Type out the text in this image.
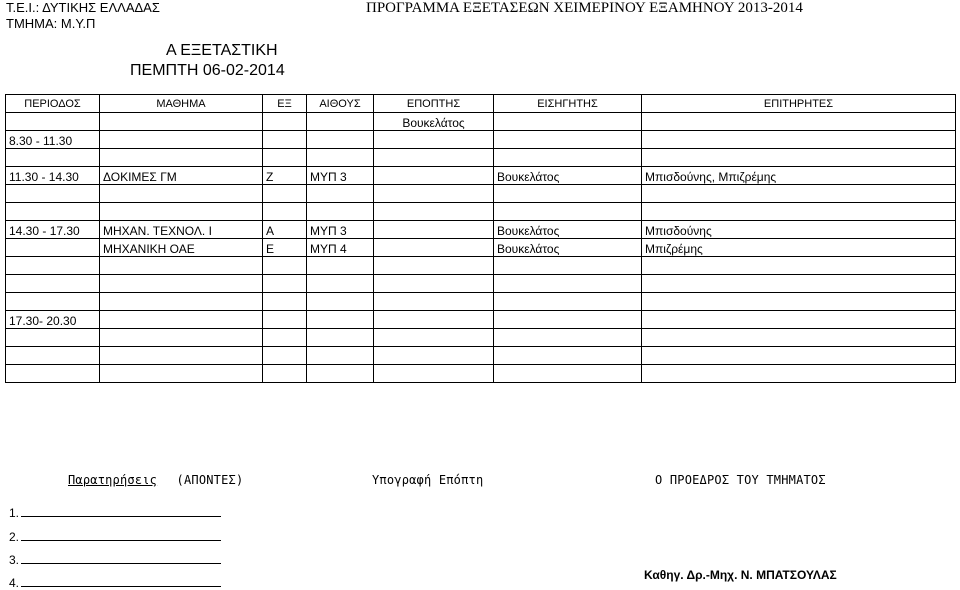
Τ.Ε.Ι.: ΔΥΤΙΚΗΣ ΕΛΛΑΔΑΣ
ΤΜΗΜΑ: Μ.Υ.Π
ΠΡΟΓΡΑΜΜΑ ΕΞΕΤΑΣΕΩΝ ΧΕΙΜΕΡΙΝΟΥ ΕΞΑΜΗΝΟΥ 2013-2014
Α ΕΞΕΤΑΣΤΙΚΗ
ΠΕΜΠΤΗ 06-02-2014
ΠΕΡΙΟΔΟΣ	ΜΑΘΗΜΑ	ΕΞ	ΑΙΘΟΥΣ	ΕΠΟΠΤΗΣ	ΕΙΣΗΓΗΤΗΣ	ΕΠΙΤΗΡΗΤΕΣ
				Βουκελάτος		
8.30 - 11.30						

11.30 - 14.30	ΔΟΚΙΜΕΣ ΓΜ	Ζ	ΜΥΠ 3		Βουκελάτος	Μπισδούνης, Μπιζρέμης

14.30 - 17.30	ΜΗΧΑΝ. ΤΕΧΝΟΛ. Ι	Α	ΜΥΠ 3		Βουκελάτος	Μπισδούνης
	ΜΗΧΑΝΙΚΗ ΟΑΕ	Ε	ΜΥΠ 4		Βουκελάτος	Μπιζρέμης

17.30- 20.30						

Παρατηρήσεις (ΑΠΟΝΤΕΣ)	Υπογραφή Επόπτη	Ο ΠΡΟΕΔΡΟΣ ΤΟΥ ΤΜΗΜΑΤΟΣ
1.
2.
3.
4.
Καθηγ. Δρ.-Μηχ. Ν. ΜΠΑΤΣΟΥΛΑΣ
